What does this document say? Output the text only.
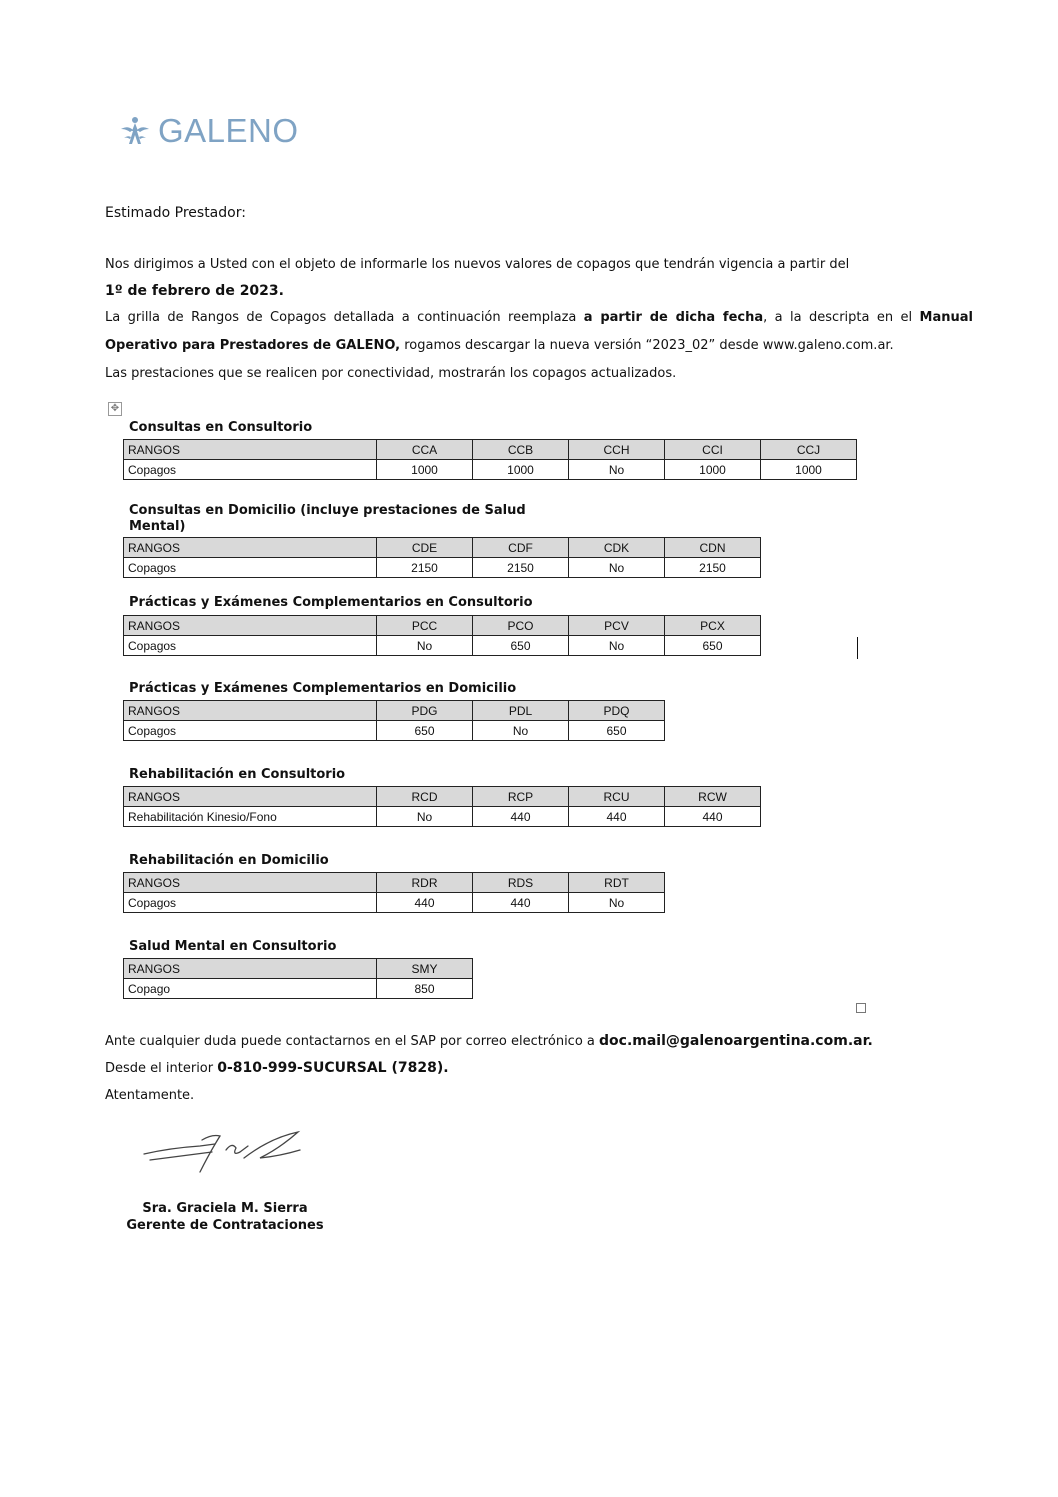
GALENO
Estimado Prestador:
Nos dirigimos a Usted con el objeto de informarle los nuevos valores de copagos que tendrán vigencia a partir del
1º de febrero de 2023.
La grilla de Rangos de Copagos detallada a continuación reemplaza a partir de dicha fecha, a la descripta en el Manual
Operativo para Prestadores de GALENO, rogamos descargar la nueva versión “2023_02” desde www.galeno.com.ar.
Las prestaciones que se realicen por conectividad, mostrarán los copagos actualizados.
✥
Consultas en Consultorio
RANGOS	CCA	CCB	CCH	CCI	CCJ
Copagos	1000	1000	No	1000	1000
Consultas en Domicilio (incluye prestaciones de Salud
Mental)
RANGOS	CDE	CDF	CDK	CDN
Copagos	2150	2150	No	2150
Prácticas y Exámenes Complementarios en Consultorio
RANGOS	PCC	PCO	PCV	PCX
Copagos	No	650	No	650
Prácticas y Exámenes Complementarios en Domicilio
RANGOS	PDG	PDL	PDQ
Copagos	650	No	650
Rehabilitación en Consultorio
RANGOS	RCD	RCP	RCU	RCW
Rehabilitación Kinesio/Fono	No	440	440	440
Rehabilitación en Domicilio
RANGOS	RDR	RDS	RDT
Copagos	440	440	No
Salud Mental en Consultorio
RANGOS	SMY
Copago	850
Ante cualquier duda puede contactarnos en el SAP por correo electrónico a doc.mail@galenoargentina.com.ar.
Desde el interior 0-810-999-SUCURSAL (7828).
Atentamente.
Sra. Graciela M. Sierra
Gerente de Contrataciones
